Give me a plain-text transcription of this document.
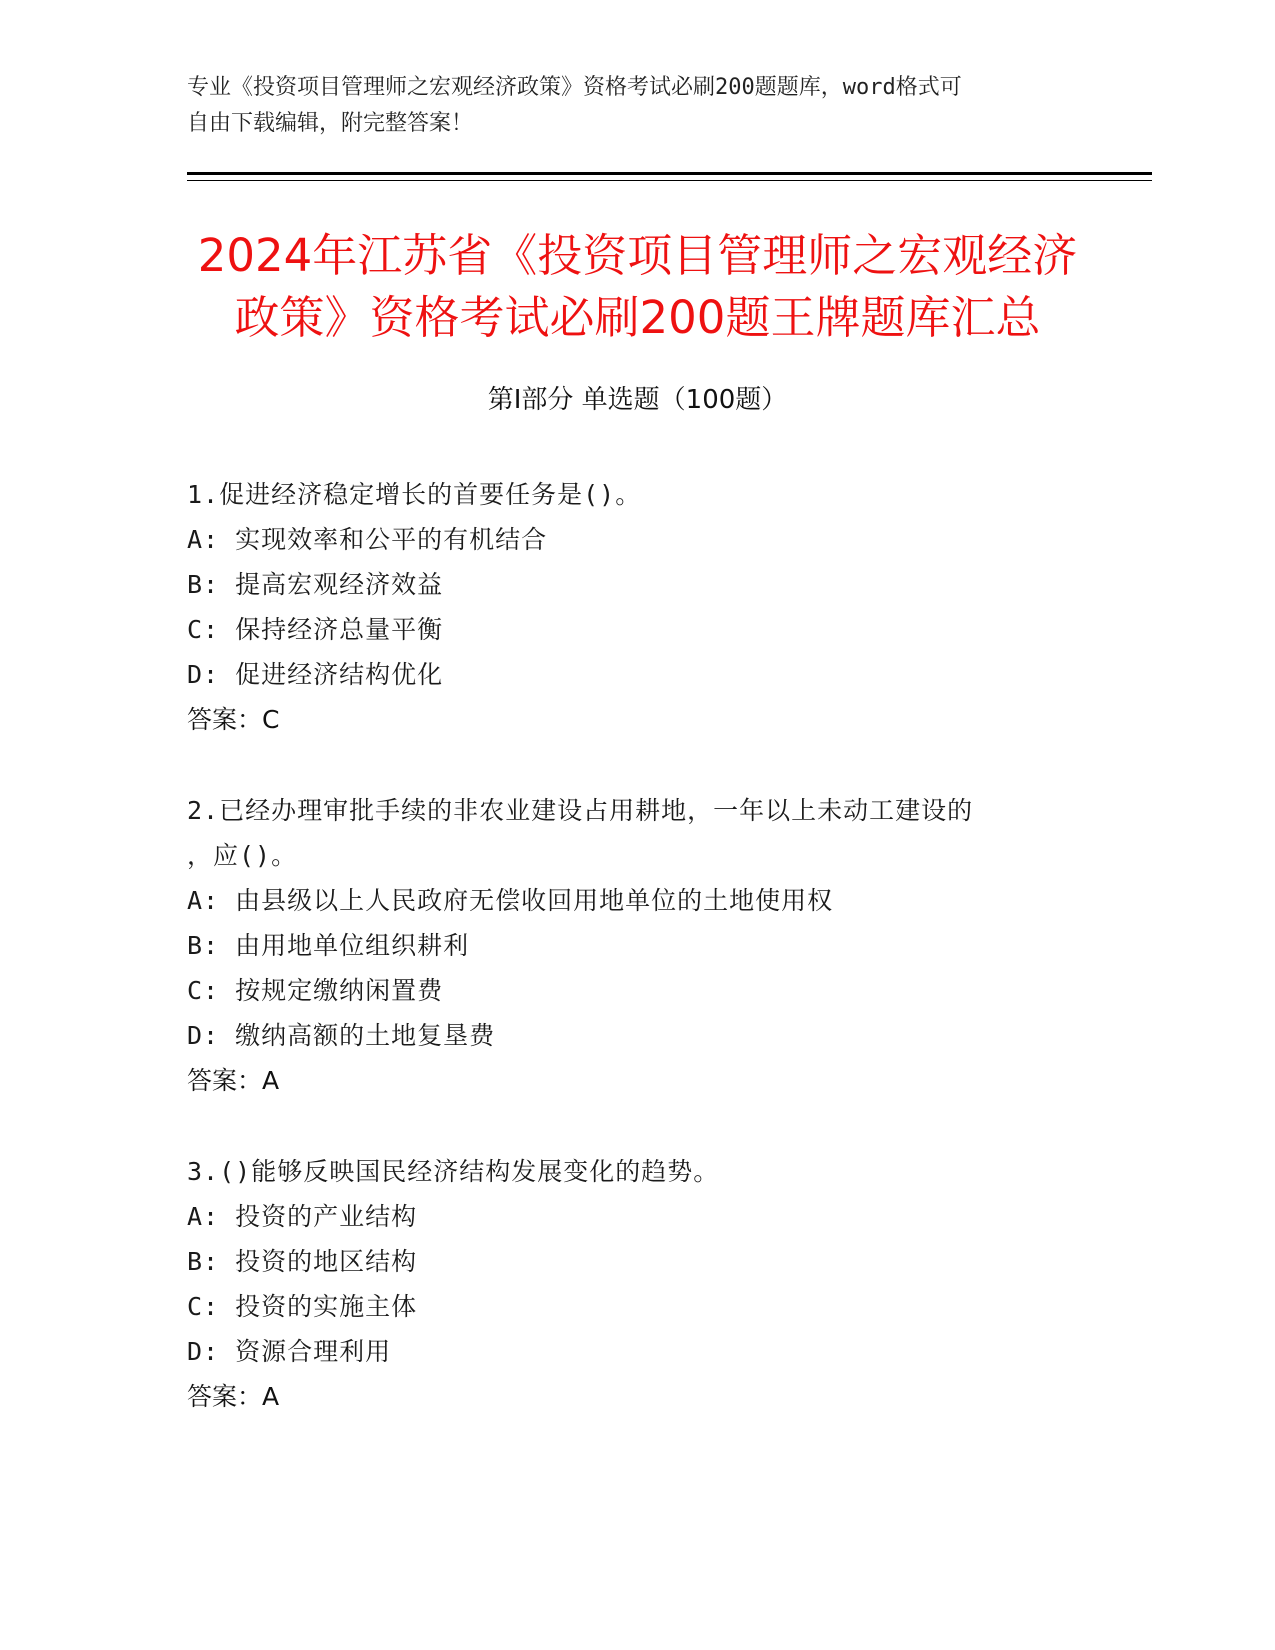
专业《投资项目管理师之宏观经济政策》资格考试必刷200题题库，word格式可
自由下载编辑，附完整答案！
2024年江苏省《投资项目管理师之宏观经济
政策》资格考试必刷200题王牌题库汇总
第Ⅰ部分 单选题（100题）
1.促进经济稳定增长的首要任务是()。
A: 实现效率和公平的有机结合
B: 提高宏观经济效益
C: 保持经济总量平衡
D: 促进经济结构优化
答案：C
2.已经办理审批手续的非农业建设占用耕地，一年以上未动工建设的
，应()。
A: 由县级以上人民政府无偿收回用地单位的土地使用权
B: 由用地单位组织耕利
C: 按规定缴纳闲置费
D: 缴纳高额的土地复垦费
答案：A
3.()能够反映国民经济结构发展变化的趋势。
A: 投资的产业结构
B: 投资的地区结构
C: 投资的实施主体
D: 资源合理利用
答案：A
